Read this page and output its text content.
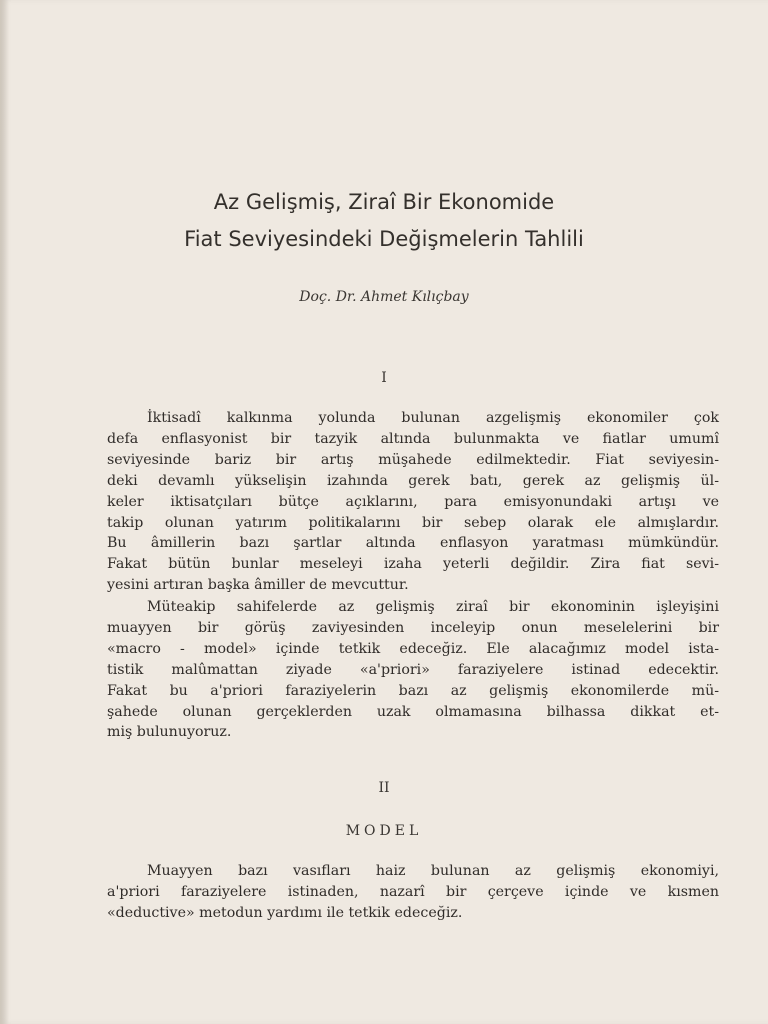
Az Gelişmiş, Ziraî Bir Ekonomide
Fiat Seviyesindeki Değişmelerin Tahlili
Doç. Dr. Ahmet Kılıçbay
I
İktisadî kalkınma yolunda bulunan azgelişmiş ekonomiler çok
defa enflasyonist bir tazyik altında bulunmakta ve fiatlar umumî
seviyesinde bariz bir artış müşahede edilmektedir. Fiat seviyesin-
deki devamlı yükselişin izahında gerek batı, gerek az gelişmiş ül-
keler iktisatçıları bütçe açıklarını, para emisyonundaki artışı ve
takip olunan yatırım politikalarını bir sebep olarak ele almışlardır.
Bu âmillerin bazı şartlar altında enflasyon yaratması mümkündür.
Fakat bütün bunlar meseleyi izaha yeterli değildir. Zira fiat sevi-
yesini artıran başka âmiller de mevcuttur.
Müteakip sahifelerde az gelişmiş ziraî bir ekonominin işleyişini
muayyen bir görüş zaviyesinden inceleyip onun meselelerini bir
«macro - model» içinde tetkik edeceğiz. Ele alacağımız model ista-
tistik malûmattan ziyade «a'priori» faraziyelere istinad edecektir.
Fakat bu a'priori faraziyelerin bazı az gelişmiş ekonomilerde mü-
şahede olunan gerçeklerden uzak olmamasına bilhassa dikkat et-
miş bulunuyoruz.
II
MODEL
Muayyen bazı vasıfları haiz bulunan az gelişmiş ekonomiyi,
a'priori faraziyelere istinaden, nazarî bir çerçeve içinde ve kısmen
«deductive» metodun yardımı ile tetkik edeceğiz.
